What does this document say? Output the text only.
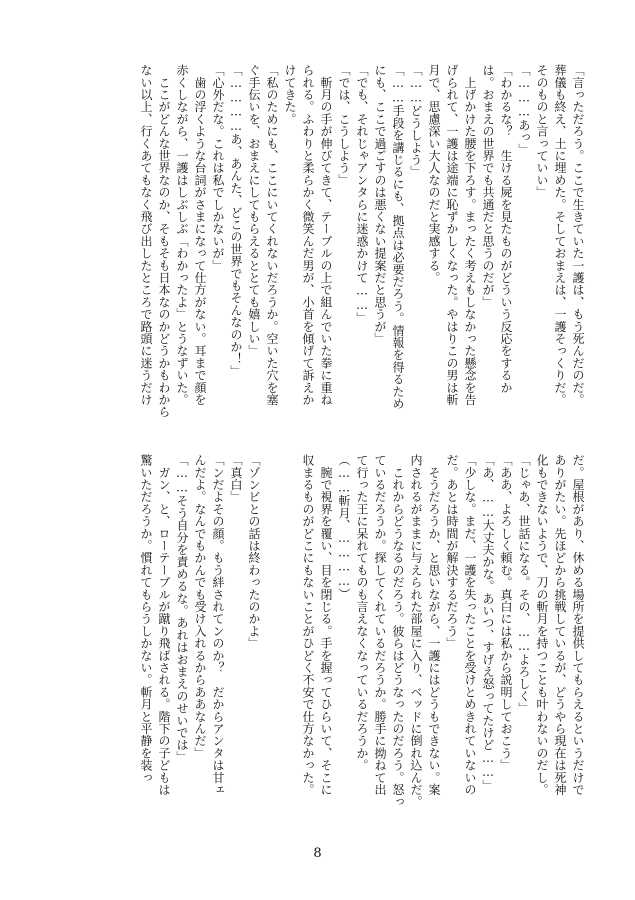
「言っただろう。ここで生きていた一護は、もう死んだのだ。
葬儀も終え、土に埋めた。そしておまえは、一護そっくりだ。
そのものと言っていい」
「………あっ」
「わかるな？　生ける屍を見たものがどういう反応をするか
は。おまえの世界でも共通だと思うのだが」
　上げかけた腰を下ろす。まったく考えもしなかった懸念を告
げられて、一護は途端に恥ずかしくなった。やはりこの男は斬
月で、思慮深い大人なのだと実感する。
「……どうしよう」
「……手段を講じるにも、拠点は必要だろう。情報を得るため
にも、ここで過ごすのは悪くない提案だと思うが」
「でも、それじゃアンタらに迷惑かけて……」
「では、こうしよう」
　斬月の手が伸びてきて、テーブルの上で組んでいた拳に重ね
られる。ふわりと柔らかく微笑んだ男が、小首を傾げて訴えか
けてきた。
「私のためにも、ここにいてくれないだろうか。空いた穴を塞
ぐ手伝いを、おまえにしてもらえるととても嬉しい」
「…………あ、あんた、どこの世界でもそんなのか！」
「心外だな。これは私でしかないが」
　歯の浮くような台詞がさまになって仕方がない。耳まで顔を
赤くしながら、一護はしぶしぶ「わかったよ」とうなずいた。
　ここがどんな世界なのか、そもそも日本なのかどうかもわから
ない以上、行くあてもなく飛び出したところで路頭に迷うだけ
だ。屋根があり、休める場所を提供してもらえるというだけで
ありがたい。先ほどから挑戦しているが、どうやら現在は死神
化もできないようで、刀の斬月を持つことも叶わないのだし。
「じゃあ、世話になる。その、……よろしく」
「ああ、よろしく頼む。真白には私から説明しておこう」
「あ、……大丈夫かな。あいつ、すげえ怒ってたけど……」
「少しな。まだ、一護を失ったことを受けとめきれていないの
だ。あとは時間が解決するだろう」
　そうだろうか、と思いながら、一護にはどうもできない。案
内されるがままに与えられた部屋に入り、ベッドに倒れ込んだ。
　これからどうなるのだろう。彼らはどうなったのだろう。怒っ
ているだろうか。探してくれているだろうか。勝手に拗ねて出
て行った王に呆れてものも言えなくなっているだろうか。
（……斬月、…………）
　腕で視界を覆い、目を閉じる。手を握ってひらいて、そこに
収まるものがどこにもないことがひどく不安で仕方なかった。

「ゾンビとの話は終わったのかよ」
「真白」
「ンだよその顔。もう絆されてンのか？　だからアンタは甘ェ
んだよ。なんでもかんでも受け入れるからああなんだ」
「……そう自分を責めるな。あれはおまえのせいでは」
　ガン、と、ローテーブルが蹴り飛ばされる。階下の子どもは
驚いただろうか。慣れてもらうしかない。斬月と平静を装っ
8
